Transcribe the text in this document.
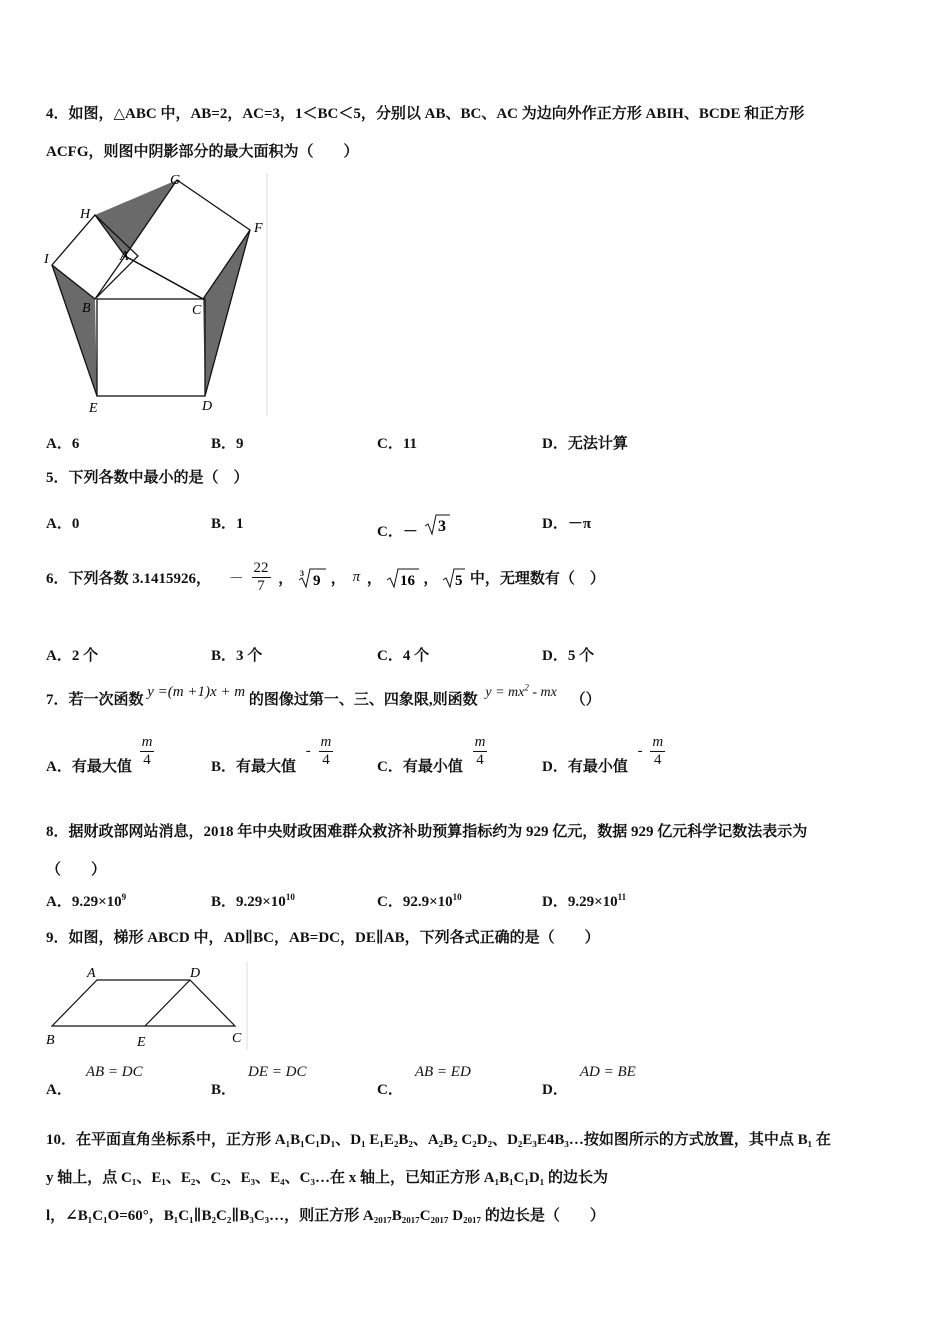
4．如图，△ABC 中，AB=2，AC=3，1＜BC＜5，分别以 AB、BC、AC 为边向外作正方形 ABIH、BCDE 和正方形
ACFG，则图中阴影部分的最大面积为（　　）
G
H
F
I	A
B	C
E	D
A．6	B．9	C．11	D．无法计算
5．下列各数中最小的是（　）
A．0	B．1	C．－ 3	D．－π
6．下列各数 3.1415926， － $\frac{22}{7}$ ， 3 9 ， π ， 16 ， 5 中，无理数有（　）
A．2 个	B．3 个	C．4 个	D．5 个
7．若一次函数 y =(m +1)x + m 的图像过第一、三、四象限,则函数 $y = mx^2$ - mx （）
A．有最大值 $\frac{m}{4}$	B．有最大值 - $\frac{m}{4}$	C．有最小值 $\frac{m}{4}$	D．有最小值 - $\frac{m}{4}$
8．据财政部网站消息，2018 年中央财政困难群众救济补助预算指标约为 929 亿元，数据 929 亿元科学记数法表示为
（　　）
A．$9.29\times 10^9$	B．$9.29\times 10^{10}$	C．$92.9\times 10^{10}$	D．$9.29\times 10^{11}$
9．如图，梯形 ABCD 中，AD∥BC，AB=DC，DE∥AB，下列各式正确的是（　　）
A	D
B	E	C
A．AB = DC
B．DE = DC
C．AB = ED
D．AD = BE
10．在平面直角坐标系中，正方形 A₁B₁C₁D₁、D₁ E₁E₂B₂、A₂B₂ C₂D₂、D₂E₃E4B₃…按如图所示的方式放置，其中点 B₁ 在
y 轴上，点 C₁、E₁、E₂、C₂、E₃、E₄、C₃…在 x 轴上，已知正方形 A₁B₁C₁D₁ 的边长为
l，∠B₁C₁O=60°，B₁C₁∥B₂C₂∥B₃C₃…，则正方形 A₂₀₁₇B₂₀₁₇C₂₀₁₇ D₂₀₁₇ 的边长是（　　）
